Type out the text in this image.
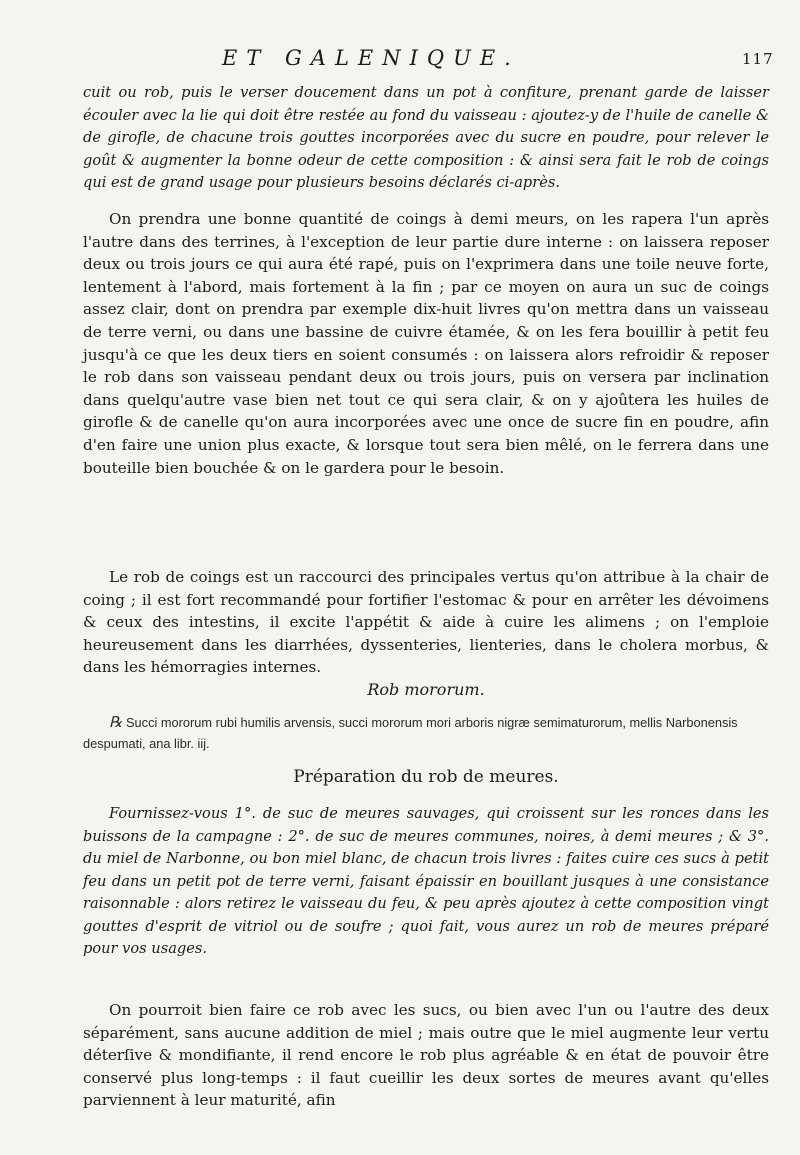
ET GALENIQUE.	117

cuit ou rob, puis le verser doucement dans un pot à confiture, prenant garde de laisser écouler avec la lie qui doit être restée au fond du vaisseau : ajoutez-y de l'huile de canelle & de girofle, de chacune trois gouttes incorporées avec du sucre en poudre, pour relever le goût & augmenter la bonne odeur de cette composition : & ainsi sera fait le rob de coings qui est de grand usage pour plusieurs besoins déclarés ci-après.

On prendra une bonne quantité de coings à demi meurs, on les rapera l'un après l'autre dans des terrines, à l'exception de leur partie dure interne : on laissera reposer deux ou trois jours ce qui aura été rapé, puis on l'exprimera dans une toile neuve forte, lentement à l'abord, mais fortement à la fin ; par ce moyen on aura un suc de coings assez clair, dont on prendra par exemple dix-huit livres qu'on mettra dans un vaisseau de terre verni, ou dans une bassine de cuivre étamée, & on les fera bouillir à petit feu jusqu'à ce que les deux tiers en soient consumés : on laissera alors refroidir & reposer le rob dans son vaisseau pendant deux ou trois jours, puis on versera par inclination dans quelqu'autre vase bien net tout ce qui sera clair, & on y ajoûtera les huiles de girofle & de canelle qu'on aura incorporées avec une once de sucre fin en poudre, afin d'en faire une union plus exacte, & lorsque tout sera bien mêlé, on le ferrera dans une bouteille bien bouchée & on le gardera pour le besoin.

Le rob de coings est un raccourci des principales vertus qu'on attribue à la chair de coing ; il est fort recommandé pour fortifier l'estomac & pour en arrêter les dévoimens & ceux des intestins, il excite l'appétit & aide à cuire les alimens ; on l'emploie heureusement dans les diarrhées, dyssenteries, lienteries, dans le cholera morbus, & dans les hémorragies internes.

Rob mororum.

℞ Succi mororum rubi humilis arvensis, succi mororum mori arboris nigræ semimaturorum, mellis Narbonensis despumati, ana libr. iij.

Préparation du rob de meures.

Fournissez-vous 1°. de suc de meures sauvages, qui croissent sur les ronces dans les buissons de la campagne : 2°. de suc de meures communes, noires, à demi meures ; & 3°. du miel de Narbonne, ou bon miel blanc, de chacun trois livres : faites cuire ces sucs à petit feu dans un petit pot de terre verni, faisant épaissir en bouillant jusques à une consistance raisonnable : alors retirez le vaisseau du feu, & peu après ajoutez à cette composition vingt gouttes d'esprit de vitriol ou de soufre ; quoi fait, vous aurez un rob de meures préparé pour vos usages.

On pourroit bien faire ce rob avec les sucs, ou bien avec l'un ou l'autre des deux séparément, sans aucune addition de miel ; mais outre que le miel augmente leur vertu déterſive & mondifiante, il rend encore le rob plus agréable & en état de pouvoir être conservé plus long-temps : il faut cueillir les deux sortes de meures avant qu'elles parviennent à leur maturité, afin
